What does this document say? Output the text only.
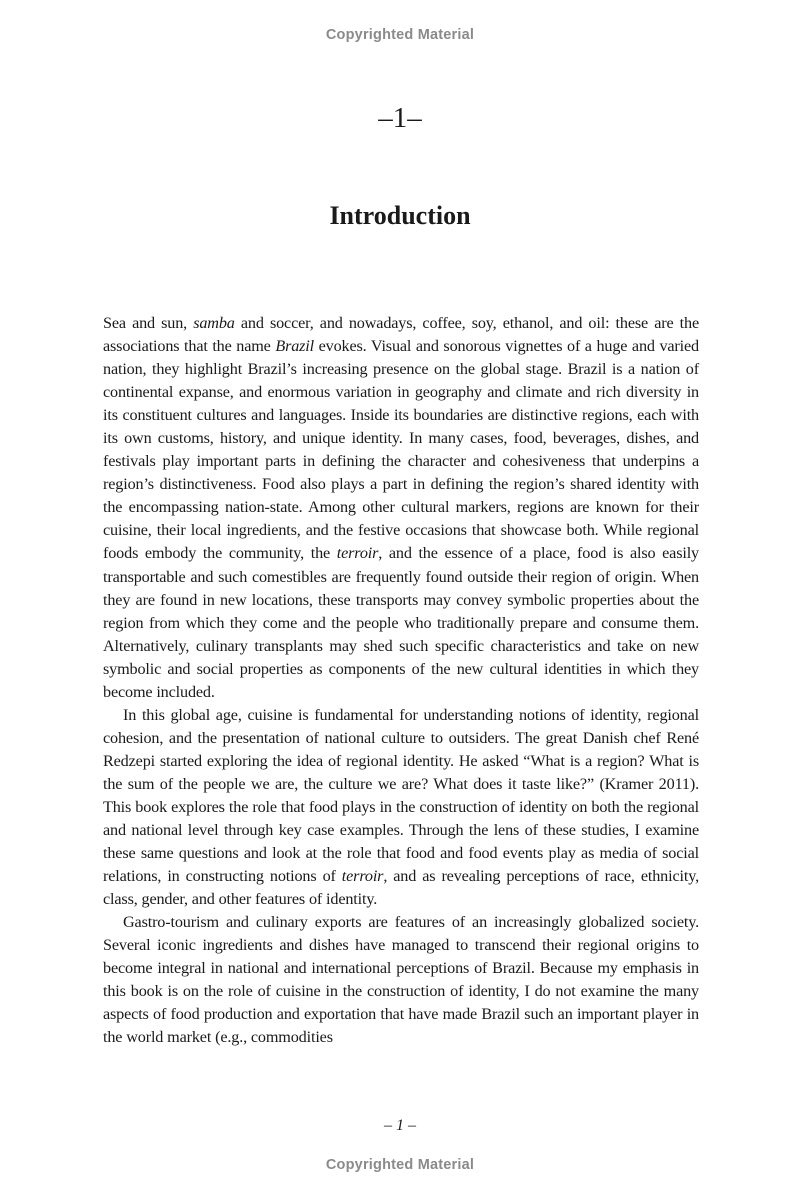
Copyrighted Material
–1–
Introduction

Sea and sun, samba and soccer, and nowadays, coffee, soy, ethanol, and oil: these are the associations that the name Brazil evokes. Visual and sonorous vignettes of a huge and varied nation, they highlight Brazil’s increasing presence on the global stage. Brazil is a nation of continental expanse, and enormous variation in geography and climate and rich diversity in its constituent cultures and languages. Inside its boundaries are distinctive regions, each with its own customs, history, and unique identity. In many cases, food, beverages, dishes, and festivals play important parts in defining the character and cohesiveness that underpins a region’s distinctiveness. Food also plays a part in defining the region’s shared identity with the encompassing nation-state. Among other cultural markers, regions are known for their cuisine, their local ingredients, and the festive occasions that showcase both. While regional foods embody the community, the terroir, and the essence of a place, food is also easily transportable and such comestibles are frequently found outside their region of origin. When they are found in new locations, these transports may convey symbolic properties about the region from which they come and the people who traditionally prepare and consume them. Alternatively, culinary transplants may shed such specific characteristics and take on new symbolic and social properties as components of the new cultural identities in which they become included.

In this global age, cuisine is fundamental for understanding notions of identity, regional cohesion, and the presentation of national culture to outsiders. The great Danish chef René Redzepi started exploring the idea of regional identity. He asked “What is a region? What is the sum of the people we are, the culture we are? What does it taste like?” (Kramer 2011). This book explores the role that food plays in the construction of identity on both the regional and national level through key case examples. Through the lens of these studies, I examine these same questions and look at the role that food and food events play as media of social relations, in constructing notions of terroir, and as revealing perceptions of race, ethnicity, class, gender, and other features of identity.

Gastro-tourism and culinary exports are features of an increasingly globalized society. Several iconic ingredients and dishes have managed to transcend their regional origins to become integral in national and international perceptions of Brazil. Because my emphasis in this book is on the role of cuisine in the construction of identity, I do not examine the many aspects of food production and exportation that have made Brazil such an important player in the world market (e.g., commodities

– 1 –
Copyrighted Material
